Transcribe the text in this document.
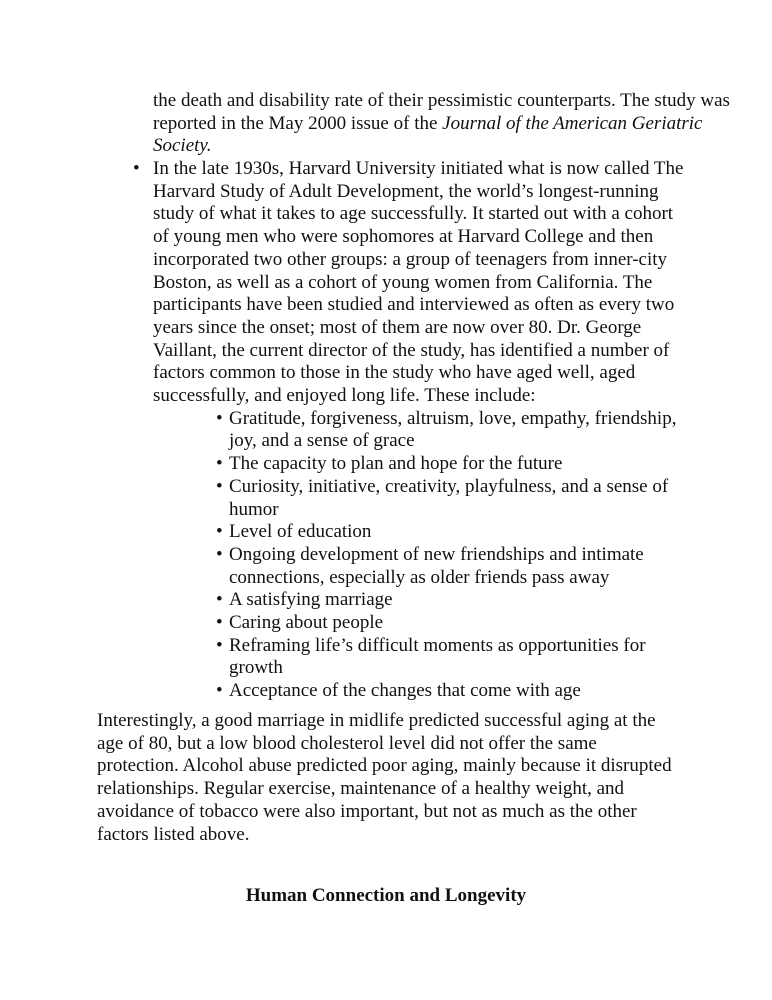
the death and disability rate of their pessimistic counterparts. The study was reported in the May 2000 issue of the Journal of the American Geriatric Society.

• In the late 1930s, Harvard University initiated what is now called The Harvard Study of Adult Development, the world’s longest-running study of what it takes to age successfully. It started out with a cohort of young men who were sophomores at Harvard College and then incorporated two other groups: a group of teenagers from inner-city Boston, as well as a cohort of young women from California. The participants have been studied and interviewed as often as every two years since the onset; most of them are now over 80. Dr. George Vaillant, the current director of the study, has identified a number of factors common to those in the study who have aged well, aged successfully, and enjoyed long life. These include:
• Gratitude, forgiveness, altruism, love, empathy, friendship, joy, and a sense of grace
• The capacity to plan and hope for the future
• Curiosity, initiative, creativity, playfulness, and a sense of humor
• Level of education
• Ongoing development of new friendships and intimate connections, especially as older friends pass away
• A satisfying marriage
• Caring about people
• Reframing life’s difficult moments as opportunities for growth
• Acceptance of the changes that come with age

Interestingly, a good marriage in midlife predicted successful aging at the age of 80, but a low blood cholesterol level did not offer the same protection. Alcohol abuse predicted poor aging, mainly because it disrupted relationships. Regular exercise, maintenance of a healthy weight, and avoidance of tobacco were also important, but not as much as the other factors listed above.

Human Connection and Longevity
